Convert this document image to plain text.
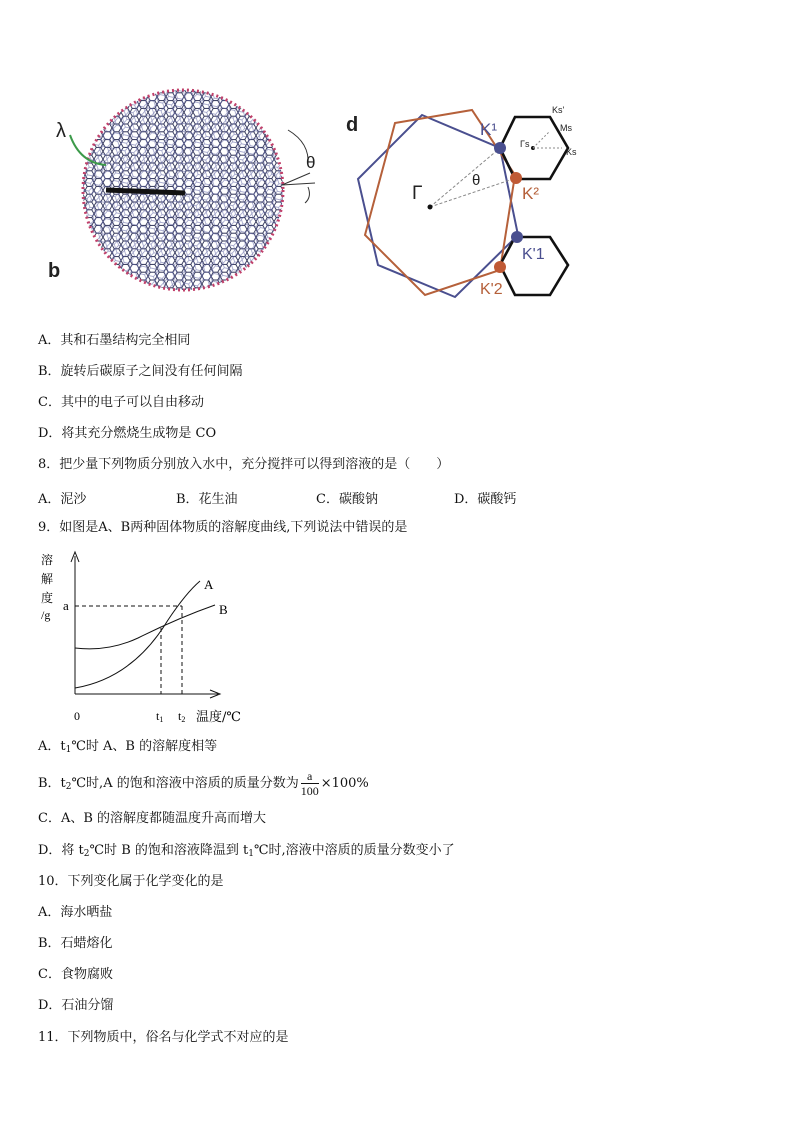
b
λ
θ
d
Γ
θ
K¹
K²
K'1
K'2
Γs
Ks
Ms
Ks'
A．其和石墨结构完全相同
B．旋转后碳原子之间没有任何间隔
C．其中的电子可以自由移动
D．将其充分燃烧生成物是 CO
8．把少量下列物质分别放入水中，充分搅拌可以得到溶液的是（　　）
A．泥沙	B．花生油	C．碳酸钠	D．碳酸钙
9．如图是A、B两种固体物质的溶解度曲线,下列说法中错误的是
溶
解
度
/g
a
A
B
0	t1 t2 温度/℃
A．$t_1℃$时 A、B 的溶解度相等
B．$t_2℃$时,A 的饱和溶液中溶质的质量分数为 $\frac{a}{100} \times 100\%$
C．A、B 的溶解度都随温度升高而增大
D．将 $t_2℃$时 B 的饱和溶液降温到 $t_1℃$时,溶液中溶质的质量分数变小了
10．下列变化属于化学变化的是
A．海水晒盐
B．石蜡熔化
C．食物腐败
D．石油分馏
11．下列物质中，俗名与化学式不对应的是
